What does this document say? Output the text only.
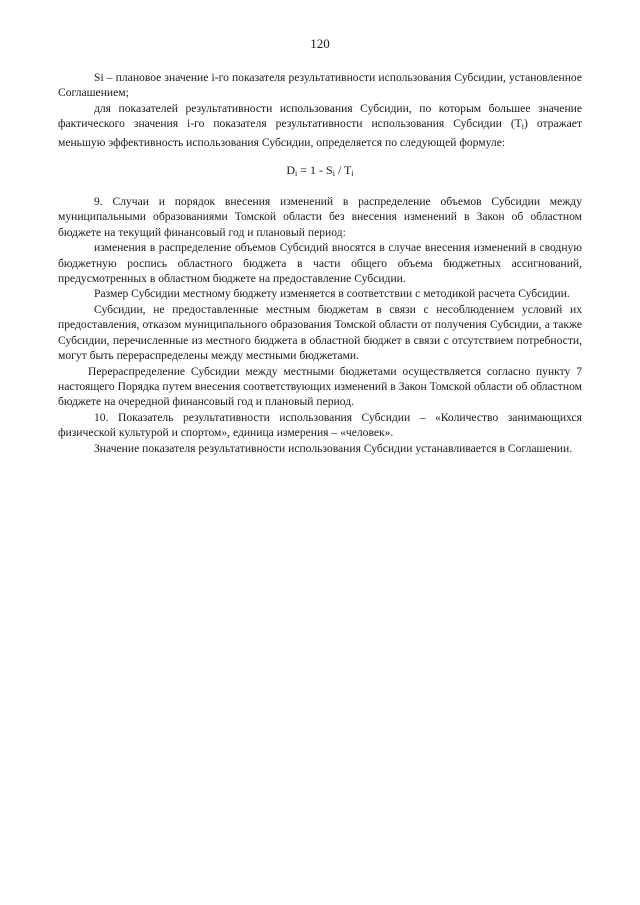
120

Si – плановое значение i-го показателя результативности использования Субсидии, установленное Соглашением;

для показателей результативности использования Субсидии, по которым большее значение фактического значения i-го показателя результативности использования Субсидии $(T_i)$ отражает меньшую эффективность использования Субсидии, определяется по следующей формуле:

$D_i = 1 - S_i / T_i$

9. Случаи и порядок внесения изменений в распределение объемов Субсидии между муниципальными образованиями Томской области без внесения изменений в Закон об областном бюджете на текущий финансовый год и плановый период:

изменения в распределение объемов Субсидий вносятся в случае внесения изменений в сводную бюджетную роспись областного бюджета в части общего объема бюджетных ассигнований, предусмотренных в областном бюджете на предоставление Субсидии.

Размер Субсидии местному бюджету изменяется в соответствии с методикой расчета Субсидии.

Субсидии, не предоставленные местным бюджетам в связи с несоблюдением условий их предоставления, отказом муниципального образования Томской области от получения Субсидии, а также Субсидии, перечисленные из местного бюджета в областной бюджет в связи с отсутствием потребности, могут быть перераспределены между местными бюджетами.

Перераспределение Субсидии между местными бюджетами осуществляется согласно пункту 7 настоящего Порядка путем внесения соответствующих изменений в Закон Томской области об областном бюджете на очередной финансовый год и плановый период.

10. Показатель результативности использования Субсидии – «Количество занимающихся физической культурой и спортом», единица измерения – «человек».

Значение показателя результативности использования Субсидии устанавливается в Соглашении.
